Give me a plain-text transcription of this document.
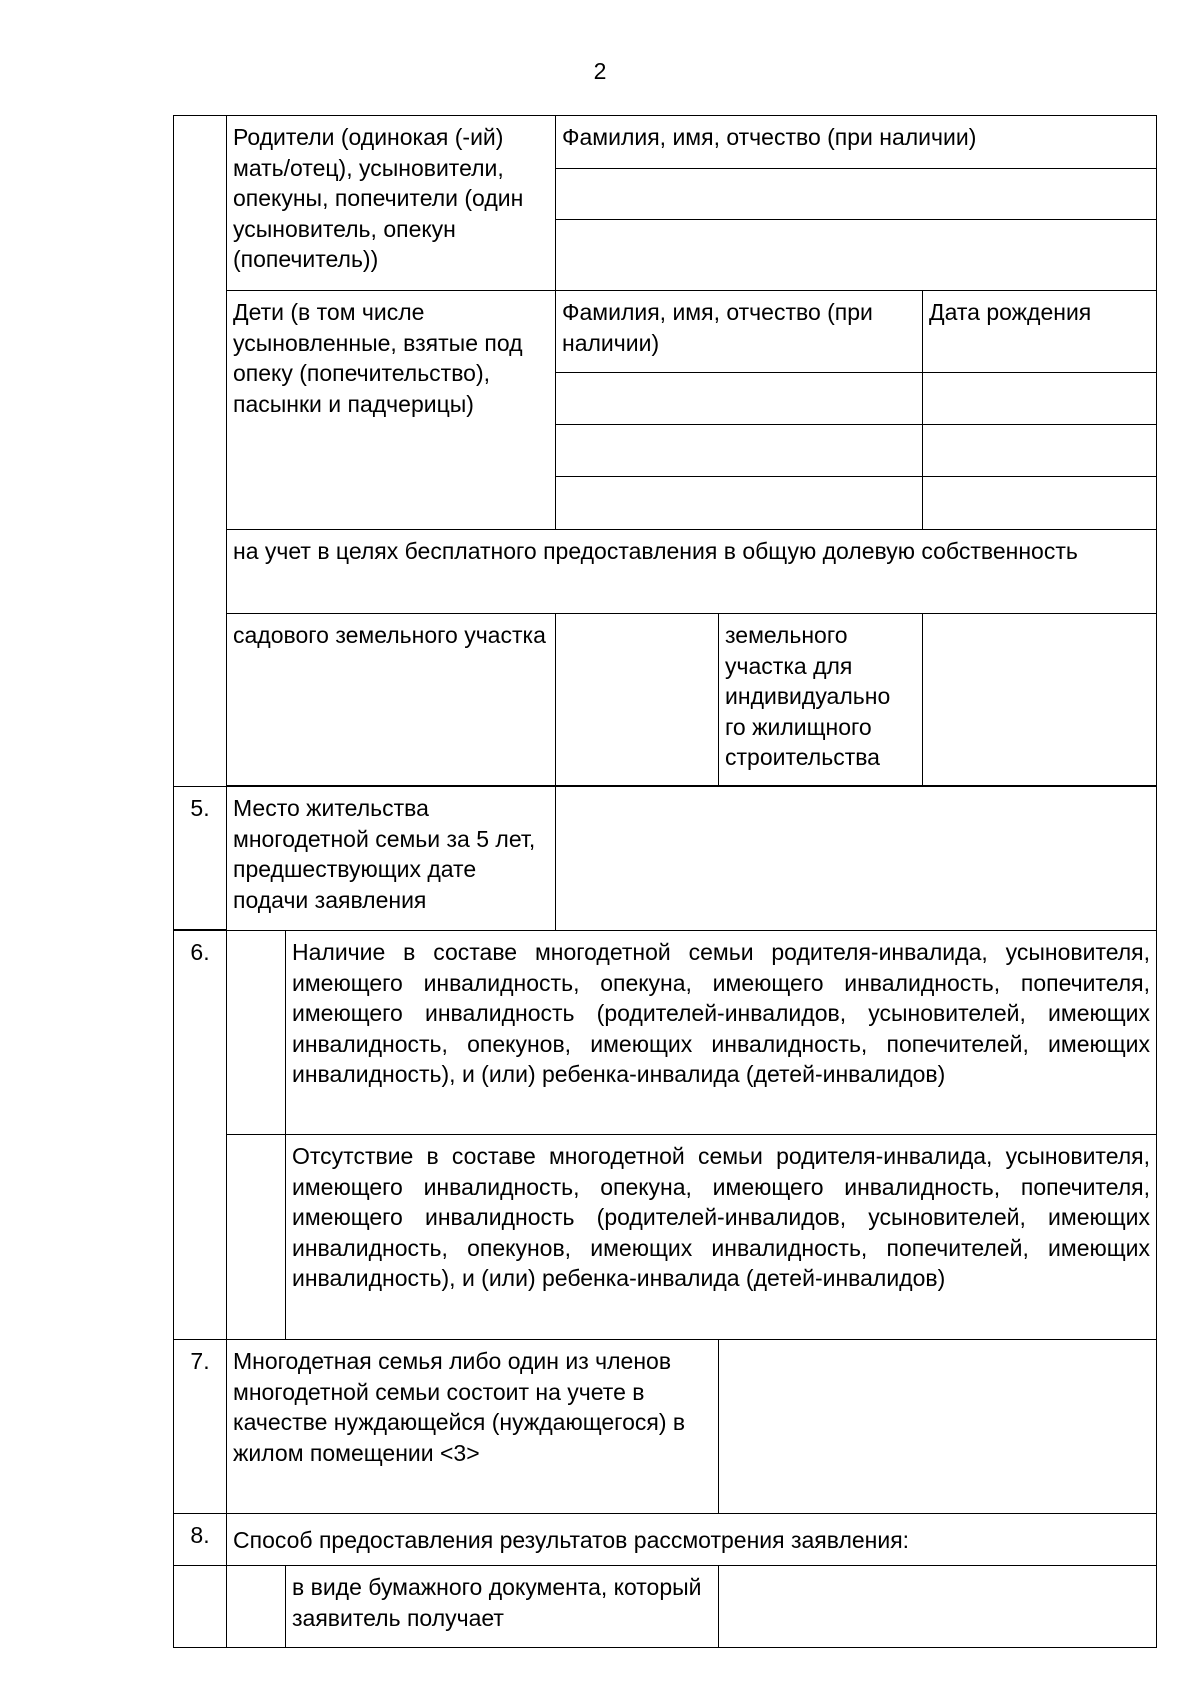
2
	Родители (одинокая (-ий) мать/отец), усыновители, опекуны, попечители (один усыновитель, опекун (попечитель))	Фамилия, имя, отчество (при наличии)		

	Дети (в том числе усыновленные, взятые под опеку (попечительство), пасынки и падчерицы)	Фамилия, имя, отчество (при наличии)		Дата рождения

	на учет в целях бесплатного предоставления в общую долевую собственность			
	садового земельного участка		земельного участка для индивидуально го жилищного строительства	

5.	Место жительства многодетной семьи за 5 лет, предшествующих дате подачи заявления			
6.		Наличие в составе многодетной семьи родителя-инвалида, усыновителя, имеющего инвалидность, опекуна, имеющего инвалидность, попечителя, имеющего инвалидность (родителей-инвалидов, усыновителей, имеющих инвалидность, опекунов, имеющих инвалидность, попечителей, имеющих инвалидность), и (или) ребенка-инвалида (детей-инвалидов)		
		Отсутствие в составе многодетной семьи родителя-инвалида, усыновителя, имеющего инвалидность, опекуна, имеющего инвалидность, попечителя, имеющего инвалидность (родителей-инвалидов, усыновителей, имеющих инвалидность, опекунов, имеющих инвалидность, попечителей, имеющих инвалидность), и (или) ребенка-инвалида (детей-инвалидов)		
7.	Многодетная семья либо один из членов многодетной семьи состоит на учете в качестве нуждающейся (нуждающегося) в жилом помещении <3>			
8.	Способ предоставления результатов рассмотрения заявления:			
		в виде бумажного документа, который заявитель получает		
